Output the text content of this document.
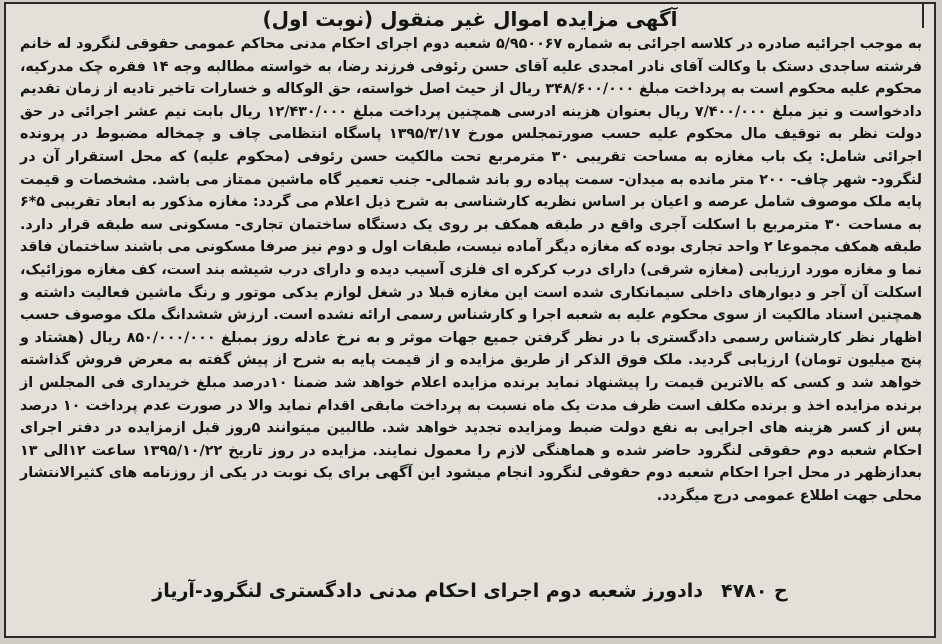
آگهی مزایده اموال غیر منقول (نوبت اول)
به موجب اجرائیه صادره در کلاسه اجرائی به شماره ۵/۹۵۰۰۶۷ شعبه دوم اجرای احکام مدنی محاکم عمومی حقوقی لنگرود له خانم فرشته ساجدی دستک با وکالت آقای نادر امجدی علیه آقای حسن رئوفی فرزند رضا، به خواسته مطالبه وجه ۱۴ فقره چک مدرکیه، محکوم علیه محکوم است به پرداخت مبلغ ۳۴۸/۶۰۰/۰۰۰ ریال از حیث اصل خواسته، حق الوکاله و خسارات تاخیر تادیه از زمان تقدیم دادخواست و نیز مبلغ ۷/۴۰۰/۰۰۰ ریال بعنوان هزینه ادرسی همچنین پرداخت مبلغ ۱۲/۴۳۰/۰۰۰ ریال بابت نیم عشر اجرائی در حق دولت نظر به توقیف مال محکوم علیه حسب صورتمجلس مورخ ۱۳۹۵/۳/۱۷ پاسگاه انتظامی چاف و چمخاله مضبوط در پرونده اجرائی شامل: یک باب مغازه به مساحت تقریبی ۳۰ مترمربع تحت مالکیت حسن رئوفی (محکوم علیه) که محل استقرار آن در لنگرود- شهر چاف- ۲۰۰ متر مانده به میدان- سمت پیاده رو باند شمالی- جنب تعمیر گاه ماشین ممتاز می باشد. مشخصات و قیمت پایه ملک موصوف شامل عرصه و اعیان بر اساس نظریه کارشناسی به شرح ذیل اعلام می گردد: مغازه مذکور به ابعاد تقریبی ۵*۶ به مساحت ۳۰ مترمربع با اسکلت آجری واقع در طبقه همکف بر روی یک دستگاه ساختمان تجاری- مسکونی سه طبقه قرار دارد. طبقه همکف مجموعا ۲ واحد تجاری بوده که مغازه دیگر آماده نیست، طبقات اول و دوم نیز صرفا مسکونی می باشند ساختمان فاقد نما و مغازه مورد ارزیابی (مغازه شرقی) دارای درب کرکره ای فلزی آسیب دیده و دارای درب شیشه بند است، کف مغازه موزائیک، اسکلت آن آجر و دیوارهای داخلی سیمانکاری شده است این مغازه قبلا در شغل لوازم یدکی موتور و رنگ ماشین فعالیت داشته و همچنین اسناد مالکیت از سوی محکوم علیه به شعبه اجرا و کارشناس رسمی ارائه نشده است. ارزش ششدانگ ملک موصوف حسب اظهار نظر کارشناس رسمی دادگستری با در نظر گرفتن جمیع جهات موثر و به نرخ عادله روز بمبلغ ۸۵۰/۰۰۰/۰۰۰ ریال (هشتاد و پنج میلیون تومان) ارزیابی گردید. ملک فوق الذکر از طریق مزایده و از قیمت پایه به شرح از پیش گفته به معرض فروش گذاشته خواهد شد و کسی که بالاترین قیمت را پیشنهاد نماید برنده مزایده اعلام خواهد شد ضمنا ۱۰درصد مبلغ خریداری فی المجلس از برنده مزایده اخذ و برنده مکلف است ظرف مدت یک ماه نسبت به پرداخت مابقی اقدام نماید والا در صورت عدم پرداخت ۱۰ درصد پس از کسر هزینه های اجرایی به نفع دولت ضبط ومزایده تجدید خواهد شد. طالبین میتوانند ۵روز قبل ازمزایده در دفتر اجرای احکام شعبه دوم حقوقی لنگرود حاضر شده و هماهنگی لازم را معمول نمایند. مزایده در روز تاریخ ۱۳۹۵/۱۰/۲۲ ساعت ۱۲الی ۱۳ بعدازظهر در محل اجرا احکام شعبه دوم حقوقی لنگرود انجام میشود این آگهی برای یک نوبت در یکی از روزنامه های کثیرالانتشار محلی جهت اطلاع عمومی درج میگردد.
ح ۴۷۸۰
دادورز شعبه دوم اجرای احکام مدنی دادگستری لنگرود-آریاز
